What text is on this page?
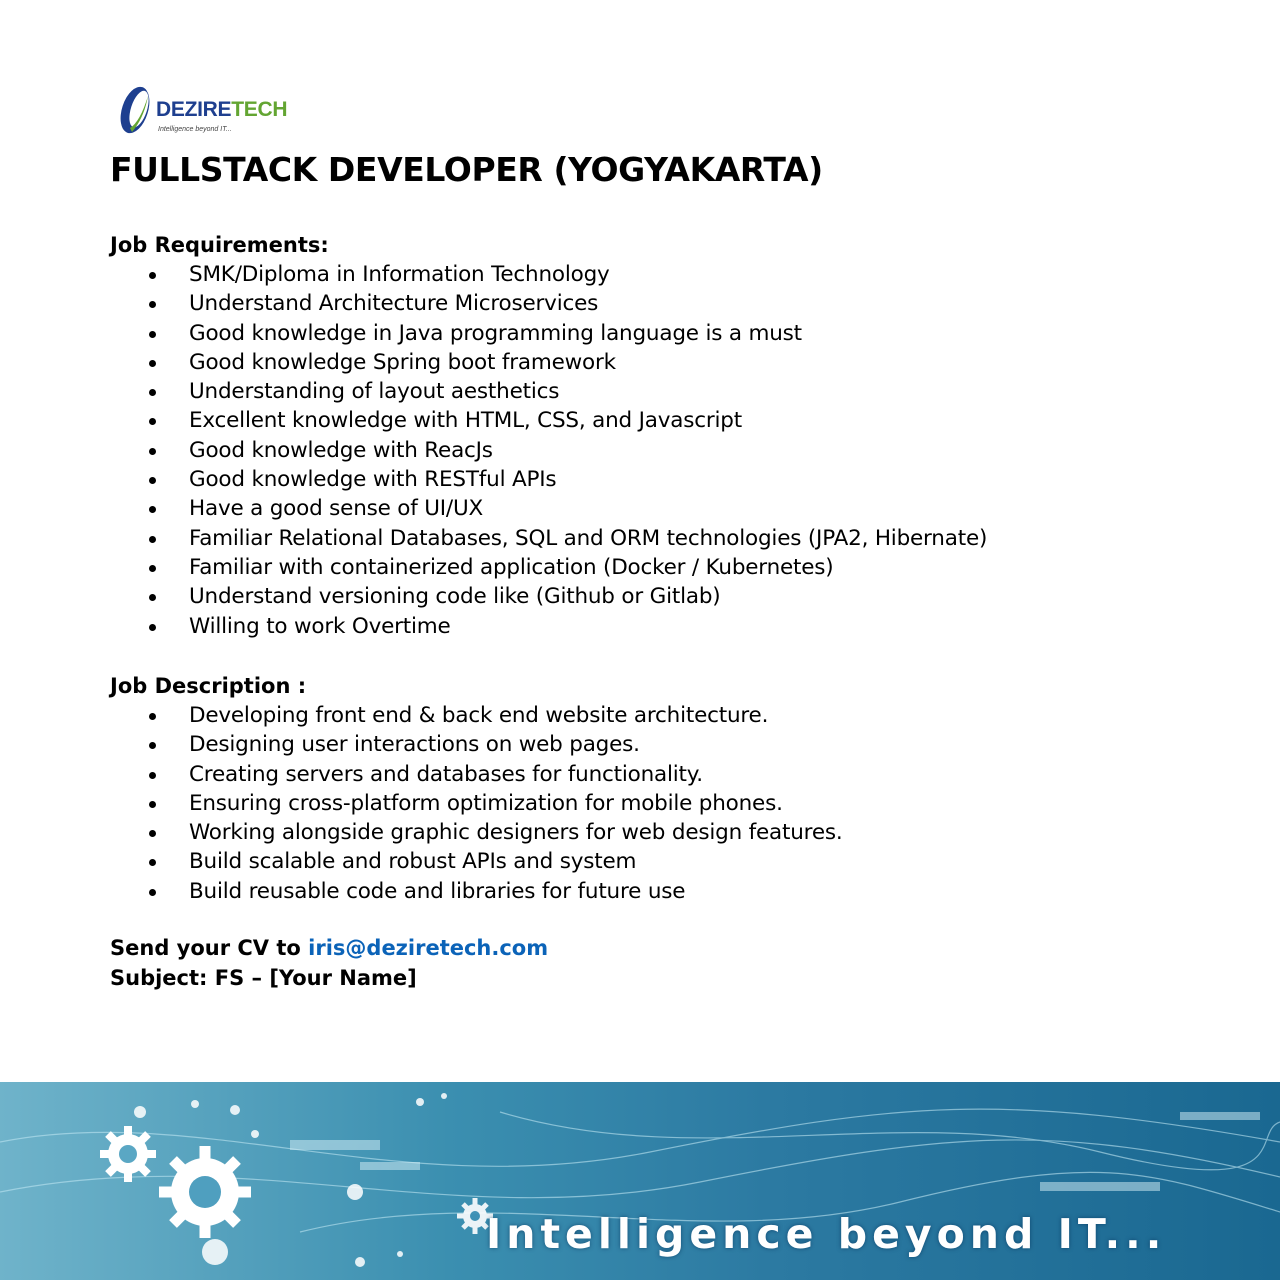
DEZIRETECH
Intelligence beyond IT...
FULLSTACK DEVELOPER (YOGYAKARTA)

Job Requirements:

SMK/Diploma in Information Technology
Understand Architecture Microservices
Good knowledge in Java programming language is a must
Good knowledge Spring boot framework
Understanding of layout aesthetics
Excellent knowledge with HTML, CSS, and Javascript
Good knowledge with ReacJs
Good knowledge with RESTful APIs
Have a good sense of UI/UX
Familiar Relational Databases, SQL and ORM technologies (JPA2, Hibernate)
Familiar with containerized application (Docker / Kubernetes)
Understand versioning code like (Github or Gitlab)
Willing to work Overtime

Job Description :

Developing front end & back end website architecture.
Designing user interactions on web pages.
Creating servers and databases for functionality.
Ensuring cross-platform optimization for mobile phones.
Working alongside graphic designers for web design features.
Build scalable and robust APIs and system
Build reusable code and libraries for future use
Send your CV to iris@deziretech.com
Subject: FS – [Your Name]
Intelligence beyond IT...
